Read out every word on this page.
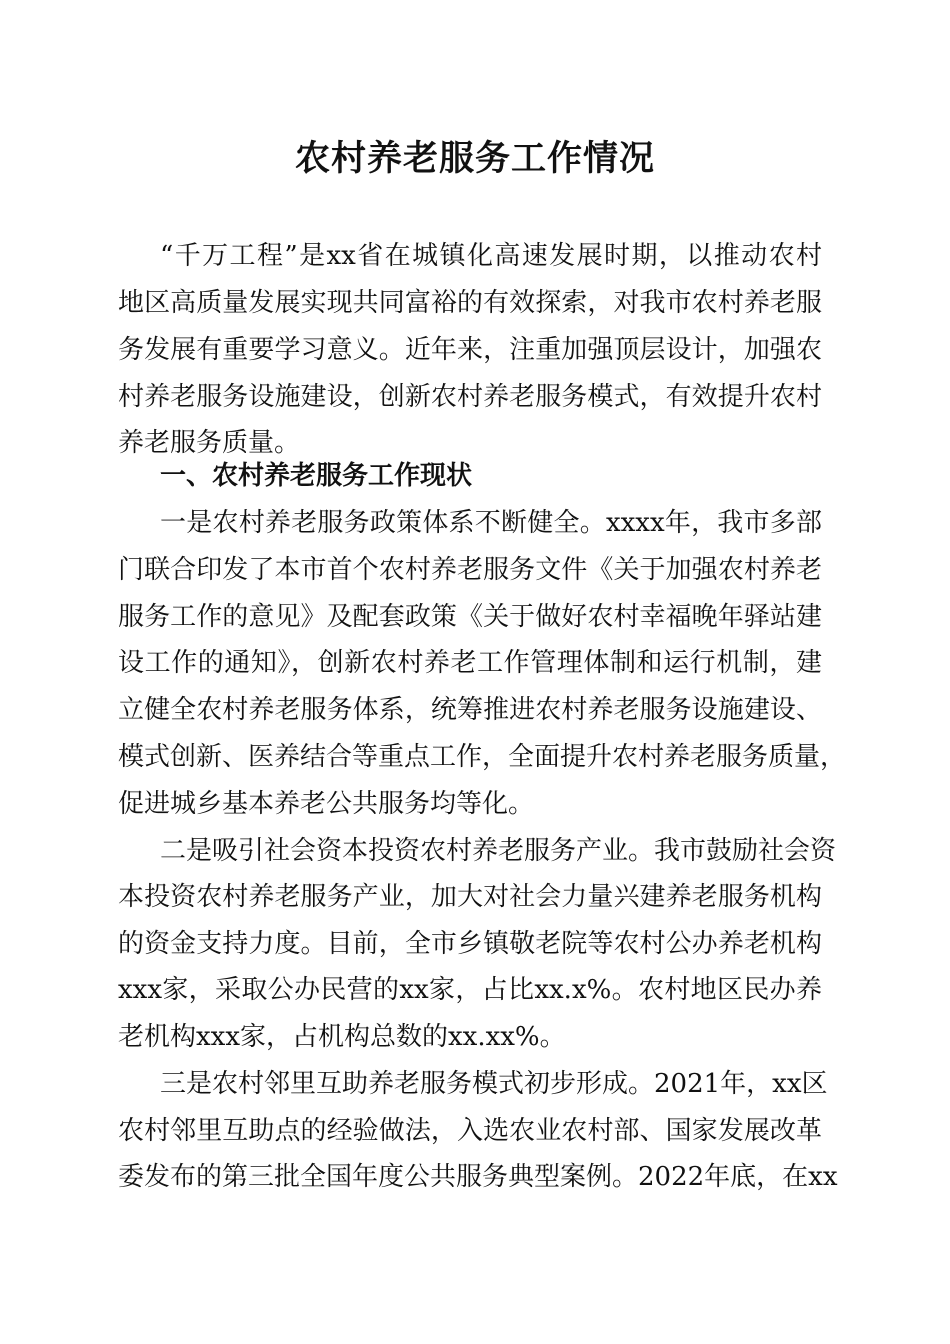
农村养老服务工作情况
“千万工程”是xx省在城镇化高速发展时期，以推动农村
地区高质量发展实现共同富裕的有效探索，对我市农村养老服
务发展有重要学习意义。近年来，注重加强顶层设计，加强农
村养老服务设施建设，创新农村养老服务模式，有效提升农村
养老服务质量。
一、农村养老服务工作现状
一是农村养老服务政策体系不断健全。xxxx年，我市多部
门联合印发了本市首个农村养老服务文件《关于加强农村养老
服务工作的意见》及配套政策《关于做好农村幸福晚年驿站建
设工作的通知》，创新农村养老工作管理体制和运行机制，建
立健全农村养老服务体系，统筹推进农村养老服务设施建设、
模式创新、医养结合等重点工作，全面提升农村养老服务质量，
促进城乡基本养老公共服务均等化。
二是吸引社会资本投资农村养老服务产业。我市鼓励社会资
本投资农村养老服务产业，加大对社会力量兴建养老服务机构
的资金支持力度。目前，全市乡镇敬老院等农村公办养老机构
xxx家，采取公办民营的xx家，占比xx.x%。农村地区民办养
老机构xxx家，占机构总数的xx.xx%。
三是农村邻里互助养老服务模式初步形成。2021年，xx区
农村邻里互助点的经验做法，入选农业农村部、国家发展改革
委发布的第三批全国年度公共服务典型案例。2022年底，在xx
